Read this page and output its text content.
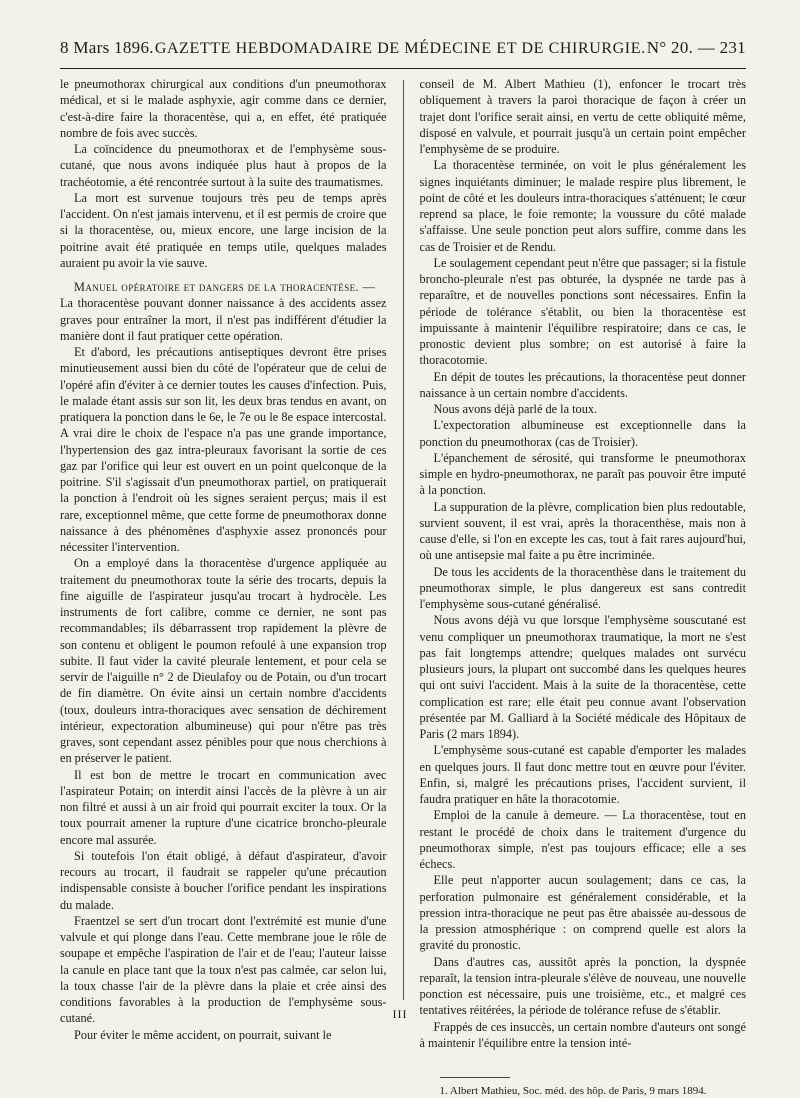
8 Mars 1896. GAZETTE HEBDOMADAIRE DE MÉDECINE ET DE CHIRURGIE. N° 20. — 231

le pneumothorax chirurgical aux conditions d'un pneumothorax médical, et si le malade asphyxie, agir comme dans ce dernier, c'est-à-dire faire la thoracentèse, qui a, en effet, été pratiquée nombre de fois avec succès.

La coïncidence du pneumothorax et de l'emphysème sous-cutané, que nous avons indiquée plus haut à propos de la trachéotomie, a été rencontrée surtout à la suite des traumatismes.

La mort est survenue toujours très peu de temps après l'accident. On n'est jamais intervenu, et il est permis de croire que si la thoracentèse, ou, mieux encore, une large incision de la poitrine avait été pratiquée en temps utile, quelques malades auraient pu avoir la vie sauve.

Manuel opératoire et dangers de la thoracentèse. —

La thoracentèse pouvant donner naissance à des accidents assez graves pour entraîner la mort, il n'est pas indifférent d'étudier la manière dont il faut pratiquer cette opération.

Et d'abord, les précautions antiseptiques devront être prises minutieusement aussi bien du côté de l'opérateur que de celui de l'opéré afin d'éviter à ce dernier toutes les causes d'infection. Puis, le malade étant assis sur son lit, les deux bras tendus en avant, on pratiquera la ponction dans le 6e, le 7e ou le 8e espace intercostal. A vrai dire le choix de l'espace n'a pas une grande importance, l'hypertension des gaz intra-pleuraux favorisant la sortie de ces gaz par l'orifice qui leur est ouvert en un point quelconque de la poitrine. S'il s'agissait d'un pneumothorax partiel, on pratiquerait la ponction à l'endroit où les signes seraient perçus; mais il est rare, exceptionnel même, que cette forme de pneumothorax donne naissance à des phénomènes d'asphyxie assez prononcés pour nécessiter l'intervention.

On a employé dans la thoracentèse d'urgence appliquée au traitement du pneumothorax toute la série des trocarts, depuis la fine aiguille de l'aspirateur jusqu'au trocart à hydrocèle. Les instruments de fort calibre, comme ce dernier, ne sont pas recommandables; ils débarrassent trop rapidement la plèvre de son contenu et obligent le poumon refoulé à une expansion trop subite. Il faut vider la cavité pleurale lentement, et pour cela se servir de l'aiguille n° 2 de Dieulafoy ou de Potain, ou d'un trocart de fin diamètre. On évite ainsi un certain nombre d'accidents (toux, douleurs intra-thoraciques avec sensation de déchirement intérieur, expectoration albumineuse) qui pour n'être pas très graves, sont cependant assez pénibles pour que nous cherchions à en préserver le patient.

Il est bon de mettre le trocart en communication avec l'aspirateur Potain; on interdit ainsi l'accès de la plèvre à un air non filtré et aussi à un air froid qui pourrait exciter la toux. Or la toux pourrait amener la rupture d'une cicatrice broncho-pleurale encore mal assurée.

Si toutefois l'on était obligé, à défaut d'aspirateur, d'avoir recours au trocart, il faudrait se rappeler qu'une précaution indispensable consiste à boucher l'orifice pendant les inspirations du malade.

Fraentzel se sert d'un trocart dont l'extrémité est munie d'une valvule et qui plonge dans l'eau. Cette membrane joue le rôle de soupape et empêche l'aspiration de l'air et de l'eau; l'auteur laisse la canule en place tant que la toux n'est pas calmée, car selon lui, la toux chasse l'air de la plèvre dans la plaie et crée ainsi des conditions favorables à la production de l'emphysème sous-cutané.

Pour éviter le même accident, on pourrait, suivant le

conseil de M. Albert Mathieu (1), enfoncer le trocart très obliquement à travers la paroi thoracique de façon à créer un trajet dont l'orifice serait ainsi, en vertu de cette obliquité même, disposé en valvule, et pourrait jusqu'à un certain point empêcher l'emphysème de se produire.

La thoracentèse terminée, on voit le plus généralement les signes inquiétants diminuer; le malade respire plus librement, le point de côté et les douleurs intra-thoraciques s'atténuent; le cœur reprend sa place, le foie remonte; la voussure du côté malade s'affaisse. Une seule ponction peut alors suffire, comme dans les cas de Troisier et de Rendu.

Le soulagement cependant peut n'être que passager; si la fistule broncho-pleurale n'est pas obturée, la dyspnée ne tarde pas à reparaître, et de nouvelles ponctions sont nécessaires. Enfin la période de tolérance s'établit, ou bien la thoracentèse est impuissante à maintenir l'équilibre respiratoire; dans ce cas, le pronostic devient plus sombre; on est autorisé à faire la thoracotomie.

En dépit de toutes les précautions, la thoracentèse peut donner naissance à un certain nombre d'accidents.

Nous avons déjà parlé de la toux.

L'expectoration albumineuse est exceptionnelle dans la ponction du pneumothorax (cas de Troisier).

L'épanchement de sérosité, qui transforme le pneumothorax simple en hydro-pneumothorax, ne paraît pas pouvoir être imputé à la ponction.

La suppuration de la plèvre, complication bien plus redoutable, survient souvent, il est vrai, après la thoracenthèse, mais non à cause d'elle, si l'on en excepte les cas, tout à fait rares aujourd'hui, où une antisepsie mal faite a pu être incriminée.

De tous les accidents de la thoracenthèse dans le traitement du pneumothorax simple, le plus dangereux est sans contredit l'emphysème sous-cutané généralisé.

Nous avons déjà vu que lorsque l'emphysème souscutané est venu compliquer un pneumothorax traumatique, la mort ne s'est pas fait longtemps attendre; quelques malades ont survécu plusieurs jours, la plupart ont succombé dans les quelques heures qui ont suivi l'accident. Mais à la suite de la thoracentèse, cette complication est rare; elle était peu connue avant l'observation présentée par M. Galliard à la Société médicale des Hôpitaux de Paris (2 mars 1894).

L'emphysème sous-cutané est capable d'emporter les malades en quelques jours. Il faut donc mettre tout en œuvre pour l'éviter. Enfin, si, malgré les précautions prises, l'accident survient, il faudra pratiquer en hâte la thoracotomie.

Emploi de la canule à demeure. — La thoracentèse, tout en restant le procédé de choix dans le traitement d'urgence du pneumothorax simple, n'est pas toujours efficace; elle a ses échecs.

Elle peut n'apporter aucun soulagement; dans ce cas, la perforation pulmonaire est généralement considérable, et la pression intra-thoracique ne peut pas être abaissée au-dessous de la pression atmosphérique : on comprend quelle est alors la gravité du pronostic.

Dans d'autres cas, aussitôt après la ponction, la dyspnée reparaît, la tension intra-pleurale s'élève de nouveau, une nouvelle ponction est nécessaire, puis une troisième, etc., et malgré ces tentatives réitérées, la période de tolérance refuse de s'établir.

Frappés de ces insuccès, un certain nombre d'auteurs ont songé à maintenir l'équilibre entre la tension inté-

1. Albert Mathieu, Soc. méd. des hôp. de Paris, 9 mars 1894.

III
